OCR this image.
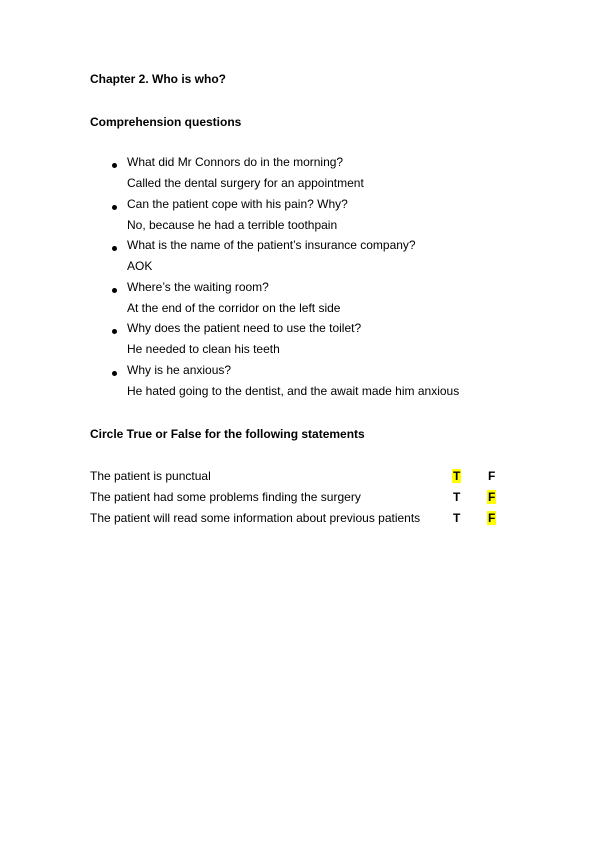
Chapter 2. Who is who?
Comprehension questions
What did Mr Connors do in the morning?
Called the dental surgery for an appointment
Can the patient cope with his pain? Why?
No, because he had a terrible toothpain
What is the name of the patient’s insurance company?
AOK
Where’s the waiting room?
At the end of the corridor on the left side
Why does the patient need to use the toilet?
He needed to clean his teeth
Why is he anxious?
He hated going to the dentist, and the await made him anxious
Circle True or False for the following statements
The patient is punctual	T F
The patient had some problems finding the surgery	T F
The patient will read some information about previous patients	T F
